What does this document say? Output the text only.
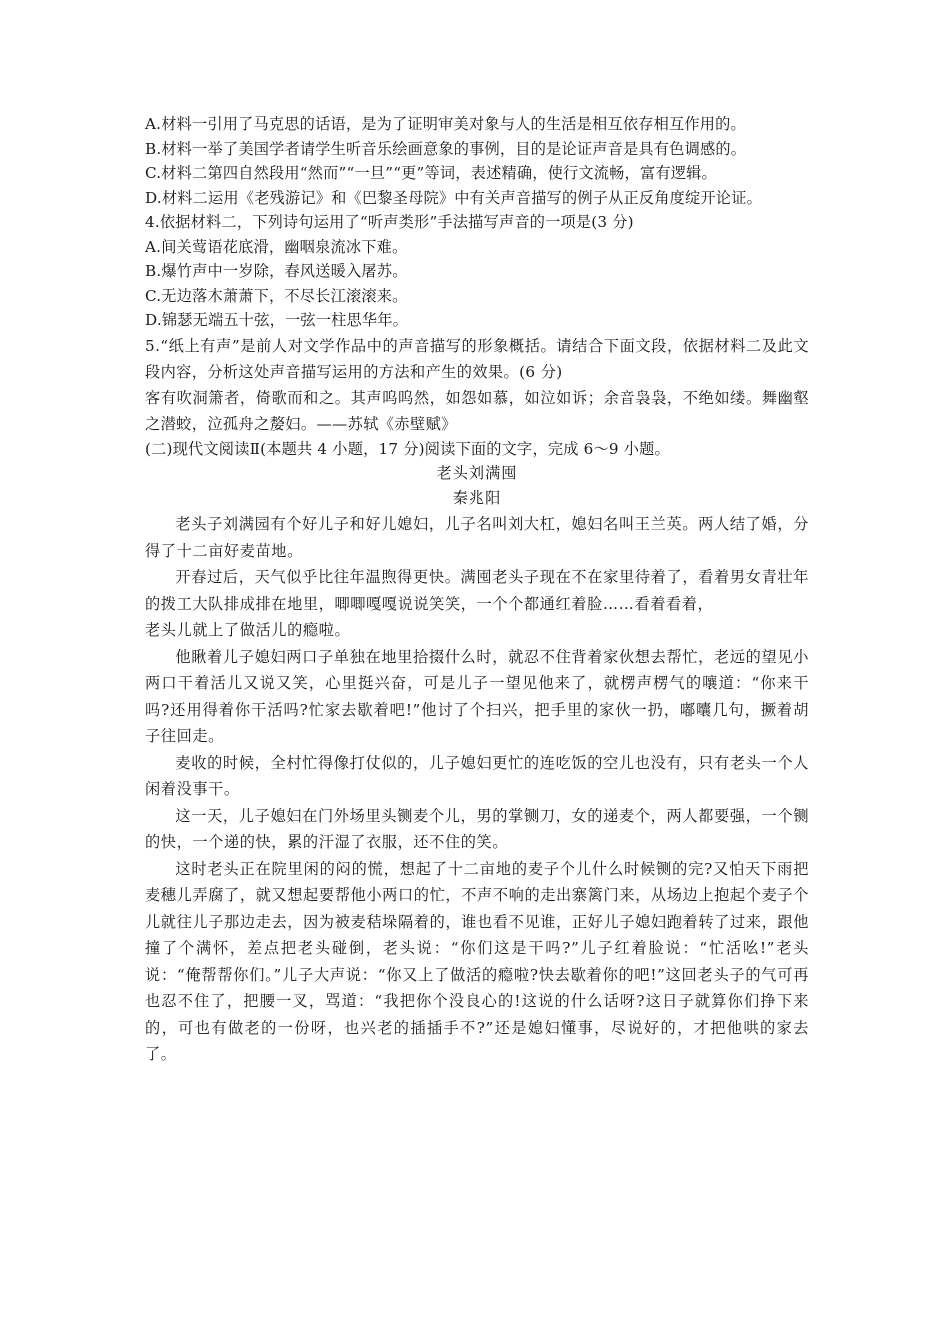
A.材料一引用了马克思的话语，是为了证明审美对象与人的生活是相互依存相互作用的。
B.材料一举了美国学者请学生听音乐绘画意象的事例，目的是论证声音是具有色调感的。
C.材料二第四自然段用“然而”“一旦”“更”等词，表述精确，使行文流畅，富有逻辑。
D.材料二运用《老残游记》和《巴黎圣母院》中有关声音描写的例子从正反角度绽开论证。
4.依据材料二，下列诗句运用了“听声类形”手法描写声音的一项是(3 分)
A.间关莺语花底滑，幽咽泉流冰下难。
B.爆竹声中一岁除，春风送暖入屠苏。
C.无边落木萧萧下，不尽长江滚滚来。
D.锦瑟无端五十弦，一弦一柱思华年。
5.“纸上有声”是前人对文学作品中的声音描写的形象概括。请结合下面文段，依据材料二及此文段内容，分析这处声音描写运用的方法和产生的效果。(6 分)
客有吹洞箫者，倚歌而和之。其声呜呜然，如怨如慕，如泣如诉；余音袅袅，不绝如缕。舞幽壑之潜蛟，泣孤舟之嫠妇。——苏轼《赤壁赋》
(二)现代文阅读Ⅱ(本题共 4 小题，17 分)阅读下面的文字，完成 6～9 小题。
老头刘满囤
秦兆阳

老头子刘满园有个好儿子和好儿媳妇，儿子名叫刘大杠，媳妇名叫王兰英。两人结了婚，分得了十二亩好麦苗地。

开春过后，天气似乎比往年温煦得更快。满囤老头子现在不在家里待着了，看着男女青壮年的拨工大队排成排在地里，唧唧嘎嘎说说笑笑，一个个都通红着脸……看着看着，

老头儿就上了做活儿的瘾啦。

他瞅着儿子媳妇两口子单独在地里拾掇什么时，就忍不住背着家伙想去帮忙，老远的望见小两口干着活儿又说又笑，心里挺兴奋，可是儿子一望见他来了，就楞声楞气的嚷道：“你来干吗?还用得着你干活吗?忙家去歇着吧!”他讨了个扫兴，把手里的家伙一扔，嘟囔几句，撅着胡子往回走。

麦收的时候，全村忙得像打仗似的，儿子媳妇更忙的连吃饭的空儿也没有，只有老头一个人闲着没事干。

这一天，儿子媳妇在门外场里头铡麦个儿，男的掌铡刀，女的递麦个，两人都要强，一个铡的快，一个递的快，累的汗湿了衣服，还不住的笑。

这时老头正在院里闲的闷的慌，想起了十二亩地的麦子个儿什么时候铡的完?又怕天下雨把麦穗儿弄腐了，就又想起要帮他小两口的忙，不声不响的走出寨篱门来，从场边上抱起个麦子个儿就往儿子那边走去，因为被麦秸垛隔着的，谁也看不见谁，正好儿子媳妇跑着转了过来，跟他撞了个满怀，差点把老头碰倒，老头说：“你们这是干吗?”儿子红着脸说：“忙活吆!”老头说：“俺帮帮你们。”儿子大声说：“你又上了做活的瘾啦?快去歇着你的吧!”这回老头子的气可再也忍不住了，把腰一叉，骂道：“我把你个没良心的!这说的什么话呀?这日子就算你们挣下来的，可也有做老的一份呀，也兴老的插插手不?”还是媳妇懂事，尽说好的，才把他哄的家去了。
